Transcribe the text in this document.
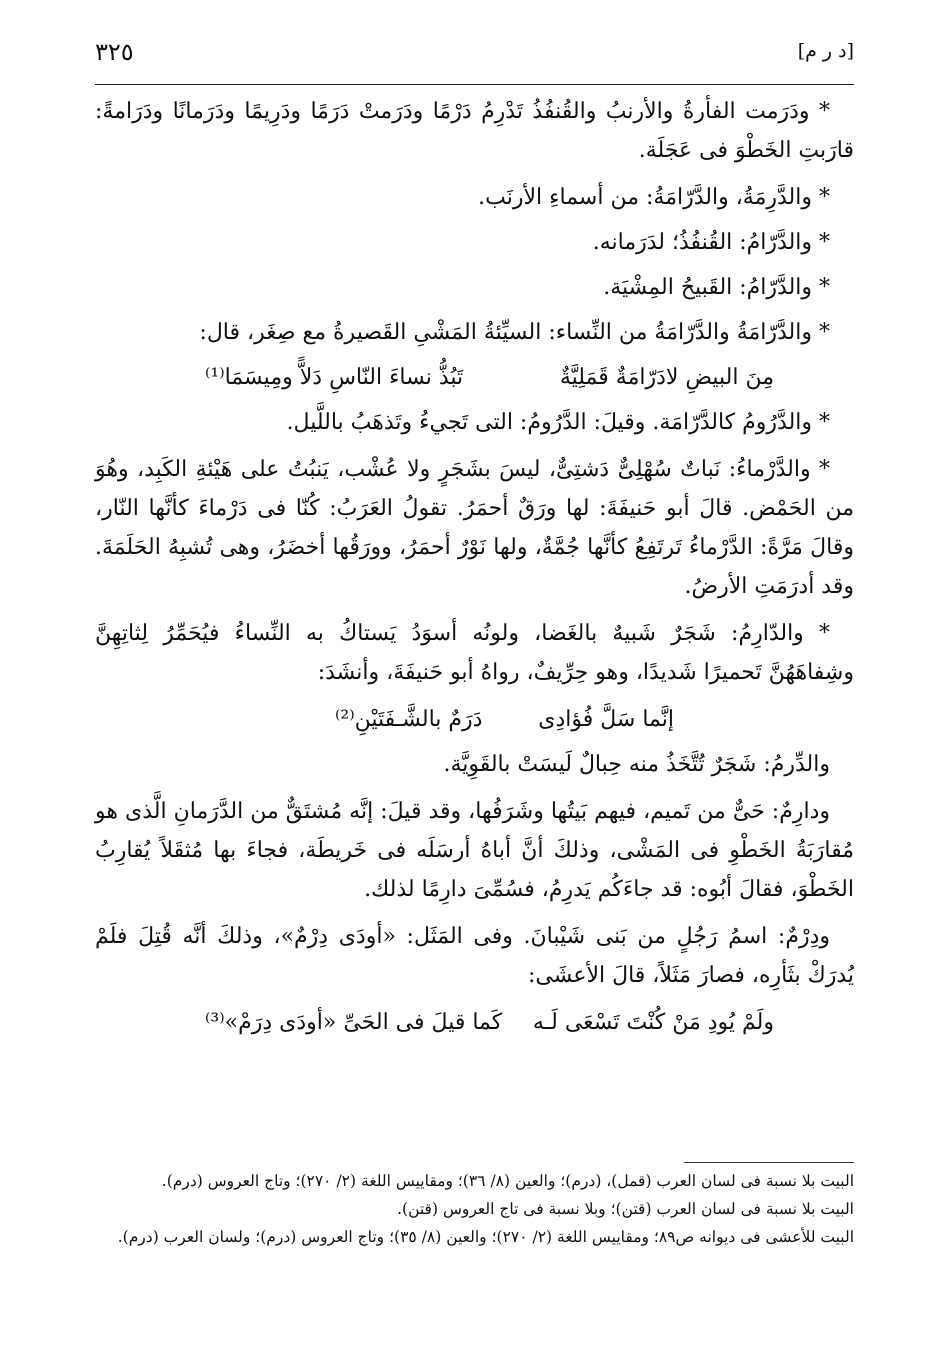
[د ر م]
٣٢٥

* ودَرَمت الفأرةُ والأرنبُ والقُنفُذُ تَدْرِمُ دَرْمًا ودَرَمتْ دَرَمًا ودَرِيمًا ودَرَمانًا ودَرَامةً: قارَبتِ الخَطْوَ فى عَجَلَة.

* والدَّرِمَةُ، والدَّرّامَةُ: من أسماءِ الأرنَب.

* والدَّرّامُ: القُنفُذُ؛ لدَرَمانه.

* والدَّرّامُ: القَبيحُ المِشْيَة.

* والدَّرّامَةُ والدَّرّامَةُ من النِّساء: السيِّئةُ المَشْىِ القَصيرةُ مع صِغَر، قال:

مِنَ البيضِ لادَرّامَةٌ قَمَلِيَّةٌ
تَبُذُّ نساءَ النّاسِ دَلاًّ ومِيسَمَا⁽¹⁾

* والدَّرُومُ كالدَّرّامَة. وقيلَ: الدَّرُومُ: التى تَجيءُ وتَذهَبُ باللَّيل.

* والدَّرْماءُ: نَباتٌ سُهْلِىٌّ دَشتِىٌّ، ليسَ بشَجَرٍ ولا عُشْب، يَنبُتُ على هَيْئةِ الكَبِد، وهُوَ من الحَمْض. قالَ أبو حَنيفَةَ: لها ورَقٌ أحمَرُ. تقولُ العَرَبُ: كُنّا فى دَرْماءَ كأنَّها النّار، وقالَ مَرَّةً: الدَّرْماءُ تَرتَفِعُ كأنَّها جُمَّةٌ، ولها نَوْرٌ أحمَرُ، وورَقُها أخضَرُ، وهى تُشبِهُ الحَلَمَةَ. وقد أدرَمَتِ الأرضُ.

* والدّارِمُ: شَجَرٌ شَبيهٌ بالغَضا، ولونُه أسوَدُ يَستاكُ به النِّساءُ فيُحَمِّرُ لِثاتِهِنَّ وشِفاهَهُنَّ تَحميرًا شَديدًا، وهو حِرِّيفٌ، رواهُ أبو حَنيفَةَ، وأنشَدَ:

إنَّما سَلَّ فُؤادِى
دَرَمٌ بالشَّـفَتَيْنِ⁽²⁾

والدِّرمُ: شَجَرٌ تُتَّخَذُ منه حِبالٌ لَيسَتْ بالقَوِيَّة.

ودارِمٌ: حَىٌّ من تَميم، فيهم بَيتُها وشَرَفُها، وقد قيلَ: إنَّه مُشتَقٌّ من الدَّرَمانِ الَّذى هو مُقارَبَةُ الخَطْوِ فى المَشْى، وذلكَ أنَّ أباهُ أرسَلَه فى خَريطَة، فجاءَ بها مُثقَلاً يُقارِبُ الخَطْوَ، فقالَ أبُوه: قد جاءَكُم يَدرِمُ، فسُمِّىَ دارِمًا لذلك.

ودِرْمٌ: اسمُ رَجُلٍ من بَنى شَيْبانَ. وفى المَثَل: «أودَى دِرْمٌ»، وذلكَ أنَّه قُتِلَ فلَمْ يُدرَكْ بثَأرِه، فصارَ مَثَلاً، قالَ الأعشَى:

ولَمْ يُودِ مَنْ كُنْتَ تَسْعَى لَـه
كَما قيلَ فى الحَىِّ «أودَى دِرَمْ»⁽³⁾

البيت بلا نسبة فى لسان العرب (قمل)، (درم)؛ والعين (٨/ ٣٦)؛ ومقاييس اللغة (٢/ ٢٧٠)؛ وتاج العروس (درم).

البيت بلا نسبة فى لسان العرب (قتن)؛ وبلا نسبة فى تاج العروس (قتن).

البيت للأعشى فى ديوانه ص٨٩؛ ومقاييس اللغة (٢/ ٢٧٠)؛ والعين (٨/ ٣٥)؛ وتاج العروس (درم)؛ ولسان العرب (درم).
